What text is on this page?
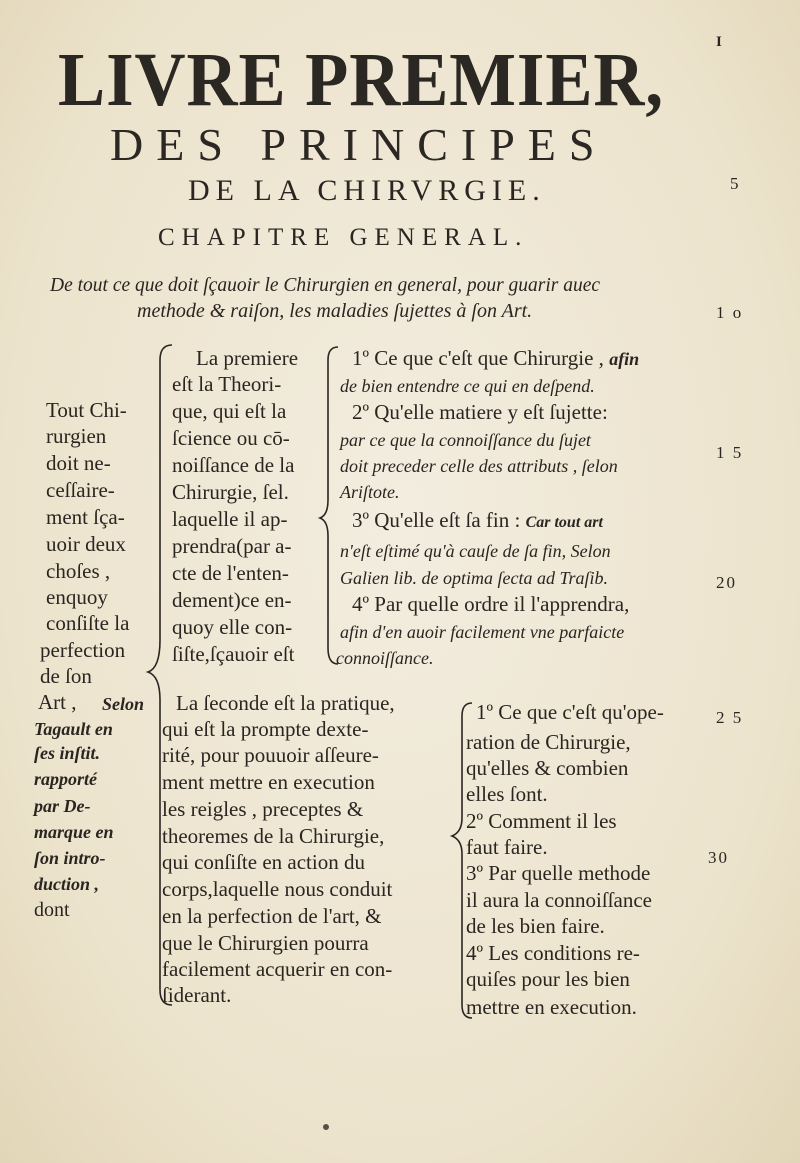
I
LIVRE PREMIER,
DES PRINCIPES
DE LA CHIRVRGIE.
CHAPITRE GENERAL.
De tout ce que doit ſçauoir le Chirurgien en general, pour guarir auec
methode & raiſon, les maladies ſujettes à ſon Art.
5
1 o
1 5
20
2 5
30
Tout Chi-
rurgien
doit ne-
ceſſaire-
ment ſça-
uoir deux
choſes ,
enquoy
conſiſte la
perfection
de ſon
Art , Selon
Tagault en
ſes inſtit.
rapporté
par De-
marque en
ſon intro-
duction ,
dont
La premiere
eſt la Theori-
que, qui eſt la
ſcience ou cō-
noiſſance de la
Chirurgie, ſel.
laquelle il ap-
prendra(par a-
cte de l'enten-
dement)ce en-
quoy elle con-
ſiſte,ſçauoir eſt
1º Ce que c'eſt que Chirurgie , afin
de bien entendre ce qui en deſpend.
2º Qu'elle matiere y eſt ſujette:
par ce que la connoiſſance du ſujet
doit preceder celle des attributs , ſelon
Ariſtote.
3º Qu'elle eſt ſa fin : Car tout art
n'eſt eſtimé qu'à cauſe de ſa fin, Selon
Galien lib. de optima ſecta ad Traſib.
4º Par quelle ordre il l'apprendra,
afin d'en auoir facilement vne parfaicte
connoiſſance.
La ſeconde eſt la pratique,
qui eſt la prompte dexte-
rité, pour pouuoir aſſeure-
ment mettre en execution
les reigles , preceptes &
theoremes de la Chirurgie,
qui conſiſte en action du
corps,laquelle nous conduit
en la perfection de l'art, &
que le Chirurgien pourra
facilement acquerir en con-
ſiderant.
1º Ce que c'eſt qu'ope-
ration de Chirurgie,
qu'elles & combien
elles ſont.
2º Comment il les
faut faire.
3º Par quelle methode
il aura la connoiſſance
de les bien faire.
4º Les conditions re-
quiſes pour les bien
mettre en execution.
